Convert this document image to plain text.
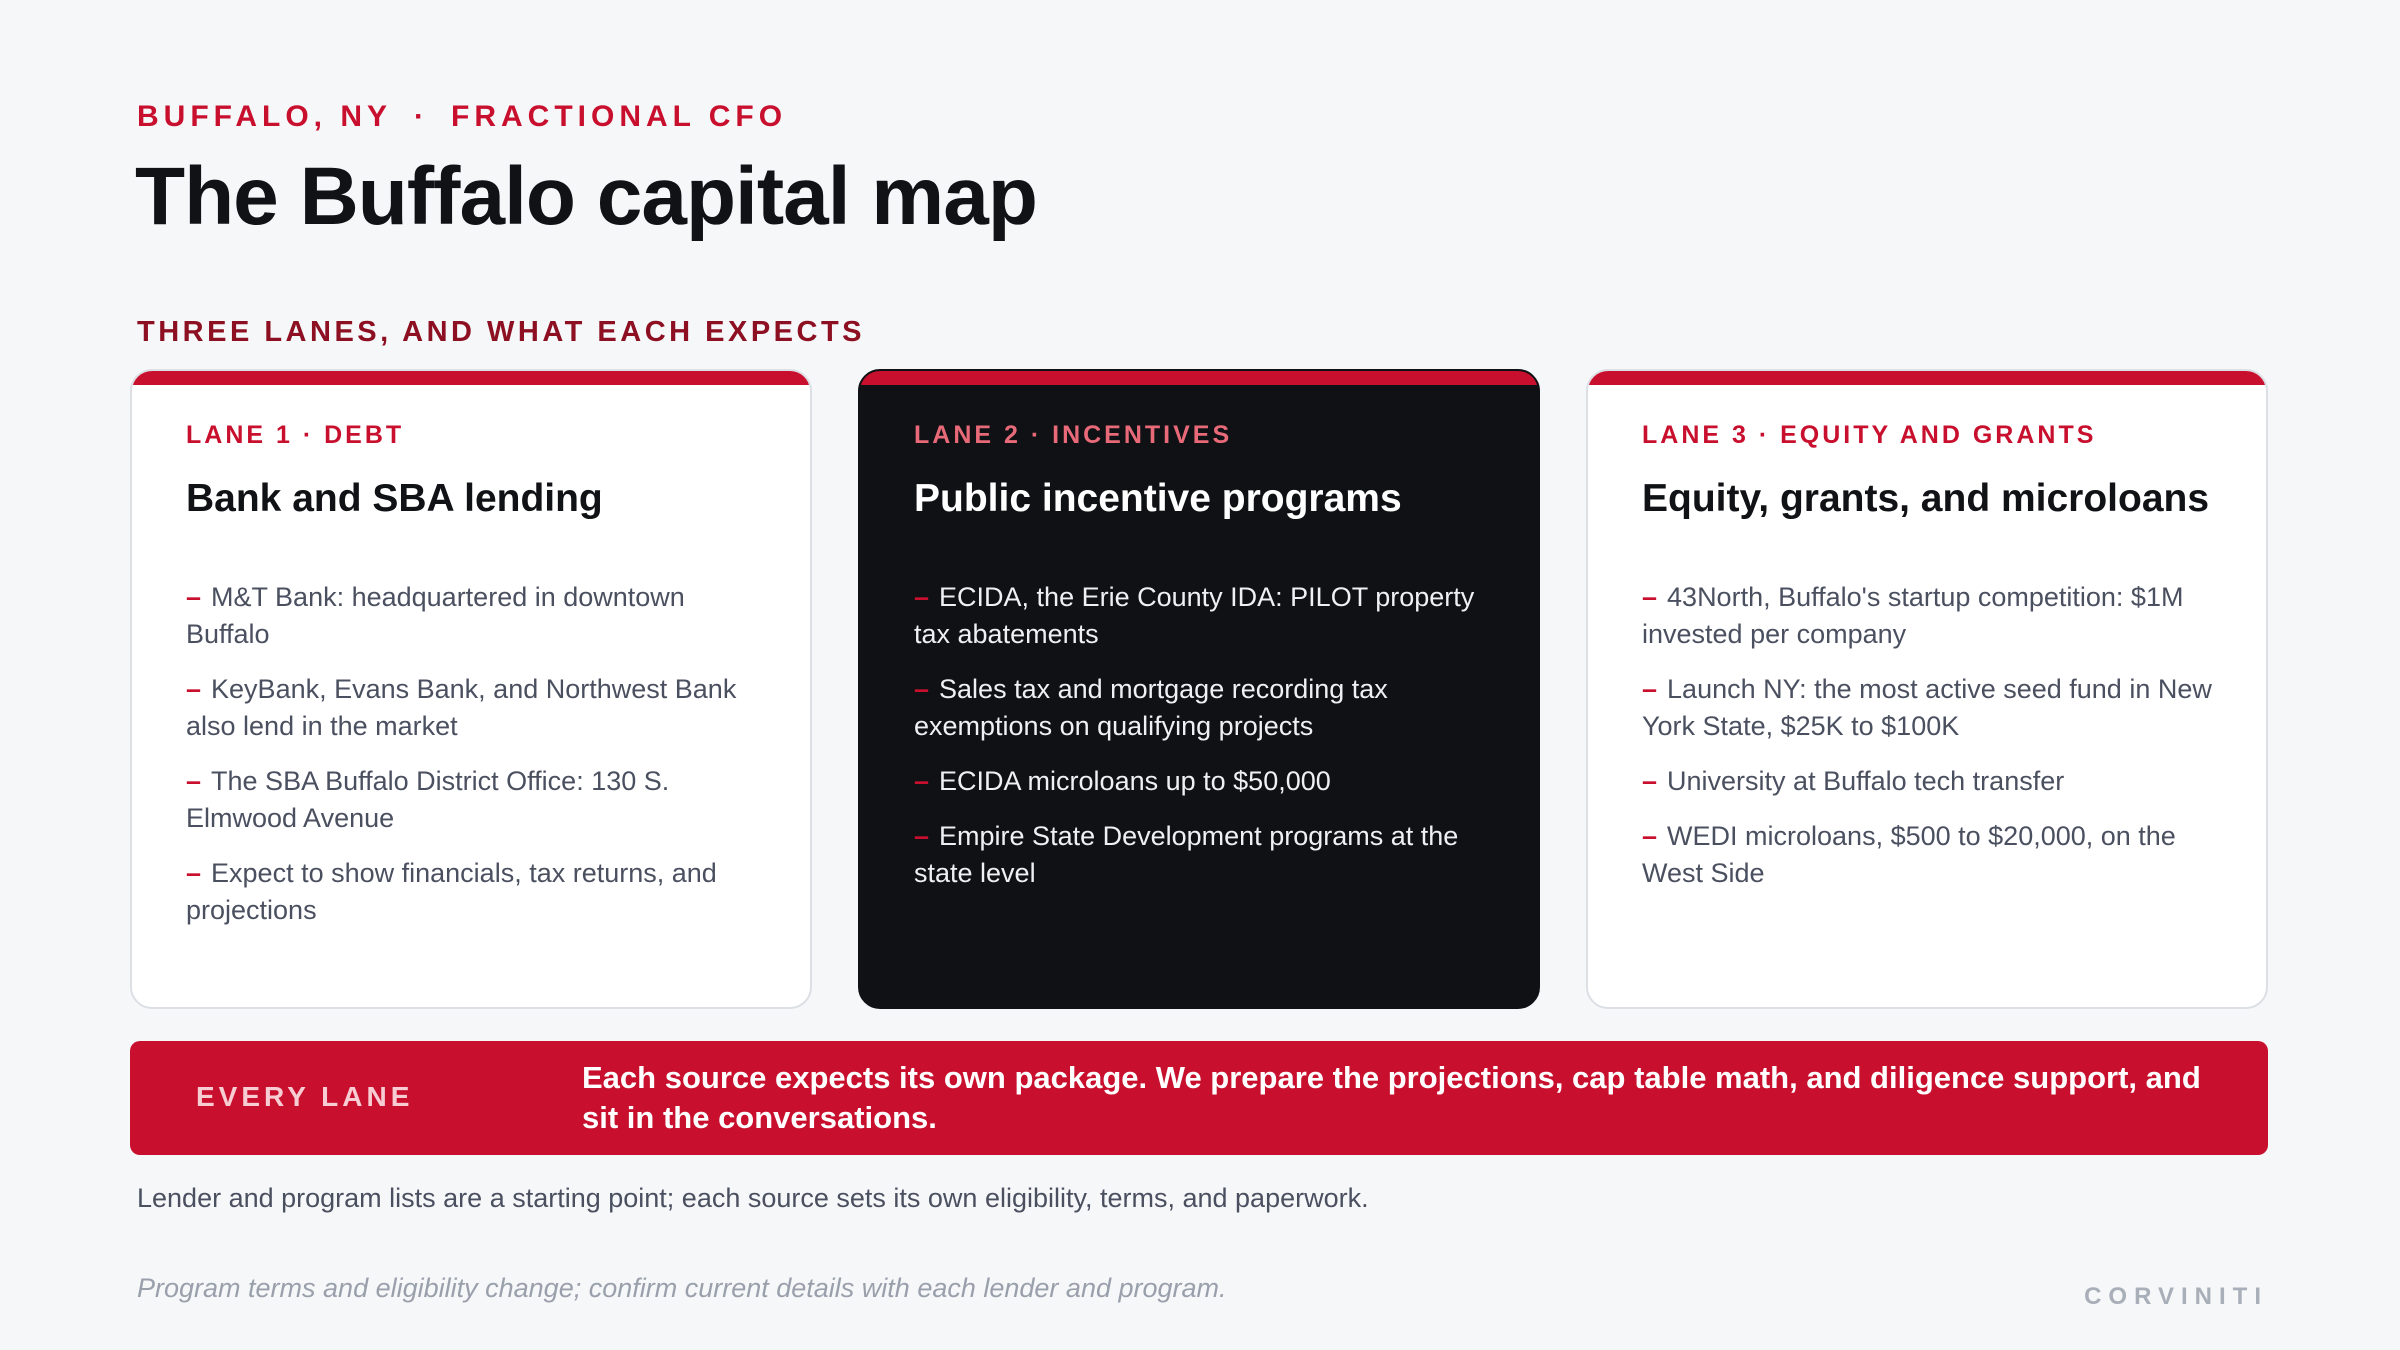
BUFFALO, NY · FRACTIONAL CFO
The Buffalo capital map
THREE LANES, AND WHAT EACH EXPECTS
LANE 1 · DEBT
Bank and SBA lending
– M&T Bank: headquartered in downtown Buffalo
– KeyBank, Evans Bank, and Northwest Bank also lend in the market
– The SBA Buffalo District Office: 130 S. Elmwood Avenue
– Expect to show financials, tax returns, and projections
LANE 2 · INCENTIVES
Public incentive programs
– ECIDA, the Erie County IDA: PILOT property tax abatements
– Sales tax and mortgage recording tax exemptions on qualifying projects
– ECIDA microloans up to $50,000
– Empire State Development programs at the state level
LANE 3 · EQUITY AND GRANTS
Equity, grants, and microloans
– 43North, Buffalo's startup competition: $1M invested per company
– Launch NY: the most active seed fund in New York State, $25K to $100K
– University at Buffalo tech transfer
– WEDI microloans, $500 to $20,000, on the West Side
EVERY LANE
Each source expects its own package. We prepare the projections, cap table math, and diligence support, and sit in the conversations.
Lender and program lists are a starting point; each source sets its own eligibility, terms, and paperwork.
Program terms and eligibility change; confirm current details with each lender and program.	CORVINITI
